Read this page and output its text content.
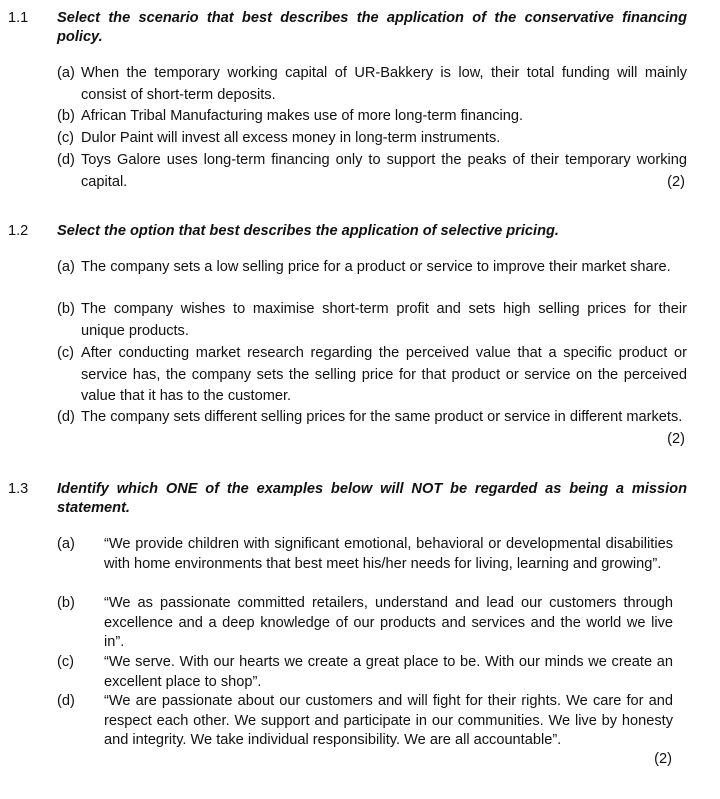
1.1 Select the scenario that best describes the application of the conservative financing policy.
(a) When the temporary working capital of UR-Bakkery is low, their total funding will mainly consist of short-term deposits.
(b) African Tribal Manufacturing makes use of more long-term financing.
(c) Dulor Paint will invest all excess money in long-term instruments.
(d) Toys Galore uses long-term financing only to support the peaks of their temporary working capital.	(2)
1.2 Select the option that best describes the application of selective pricing.
(a) The company sets a low selling price for a product or service to improve their market share.
(b) The company wishes to maximise short-term profit and sets high selling prices for their unique products.
(c) After conducting market research regarding the perceived value that a specific product or service has, the company sets the selling price for that product or service on the perceived value that it has to the customer.
(d) The company sets different selling prices for the same product or service in different markets.
(2)
1.3 Identify which ONE of the examples below will NOT be regarded as being a mission statement.
(a) “We provide children with significant emotional, behavioral or developmental disabilities with home environments that best meet his/her needs for living, learning and growing”.
(b) “We as passionate committed retailers, understand and lead our customers through excellence and a deep knowledge of our products and services and the world we live in”.
(c) “We serve. With our hearts we create a great place to be. With our minds we create an excellent place to shop”.
(d) “We are passionate about our customers and will fight for their rights. We care for and respect each other. We support and participate in our communities. We live by honesty and integrity. We take individual responsibility. We are all accountable”.
(2)
